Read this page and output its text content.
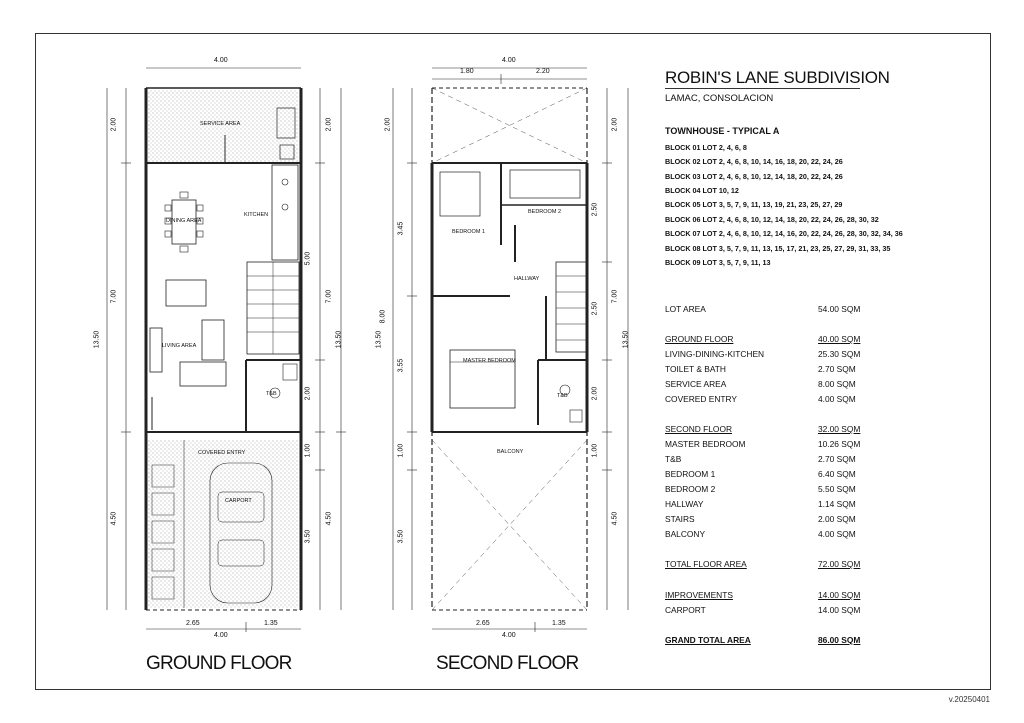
SERVICE AREA
DINING AREA
KITCHEN
LIVING AREA
T&B
COVERED ENTRY
CARPORT
4.00
2.65	1.35
4.00
2.00
7.00
4.50
13.50
5.00
2.00
1.00
3.50
2.00
7.00
4.50
13.50
GROUND FLOOR
BEDROOM 1
BEDROOM 2
HALLWAY
MASTER BEDROOM
T&B
BALCONY
4.00
1.80	2.20
2.65	1.35
4.00
2.00
3.45
8.00
3.55
1.00
3.50
13.50
2.50
2.50
2.00
1.00
2.00
7.00
4.50
13.50
SECOND FLOOR
ROBIN'S LANE SUBDIVISION
LAMAC, CONSOLACION
TOWNHOUSE - TYPICAL A
BLOCK 01 LOT 2, 4, 6, 8
BLOCK 02 LOT 2, 4, 6, 8, 10, 14, 16, 18, 20, 22, 24, 26
BLOCK 03 LOT 2, 4, 6, 8, 10, 12, 14, 18, 20, 22, 24, 26
BLOCK 04 LOT 10, 12
BLOCK 05 LOT 3, 5, 7, 9, 11, 13, 19, 21, 23, 25, 27, 29
BLOCK 06 LOT 2, 4, 6, 8, 10, 12, 14, 18, 20, 22, 24, 26, 28, 30, 32
BLOCK 07 LOT 2, 4, 6, 8, 10, 12, 14, 16, 20, 22, 24, 26, 28, 30, 32, 34, 36
BLOCK 08 LOT 3, 5, 7, 9, 11, 13, 15, 17, 21, 23, 25, 27, 29, 31, 33, 35
BLOCK 09 LOT 3, 5, 7, 9, 11, 13
LOT AREA	54.00 SQM
GROUND FLOOR	40.00 SQM
LIVING-DINING-KITCHEN	25.30 SQM
TOILET & BATH	2.70 SQM
SERVICE AREA	8.00 SQM
COVERED ENTRY	4.00 SQM
SECOND FLOOR	32.00 SQM
MASTER BEDROOM	10.26 SQM
T&B	2.70 SQM
BEDROOM 1	6.40 SQM
BEDROOM 2	5.50 SQM
HALLWAY	1.14 SQM
STAIRS	2.00 SQM
BALCONY	4.00 SQM
TOTAL FLOOR AREA	72.00 SQM
IMPROVEMENTS	14.00 SQM
CARPORT	14.00 SQM
GRAND TOTAL AREA	86.00 SQM
v.20250401
